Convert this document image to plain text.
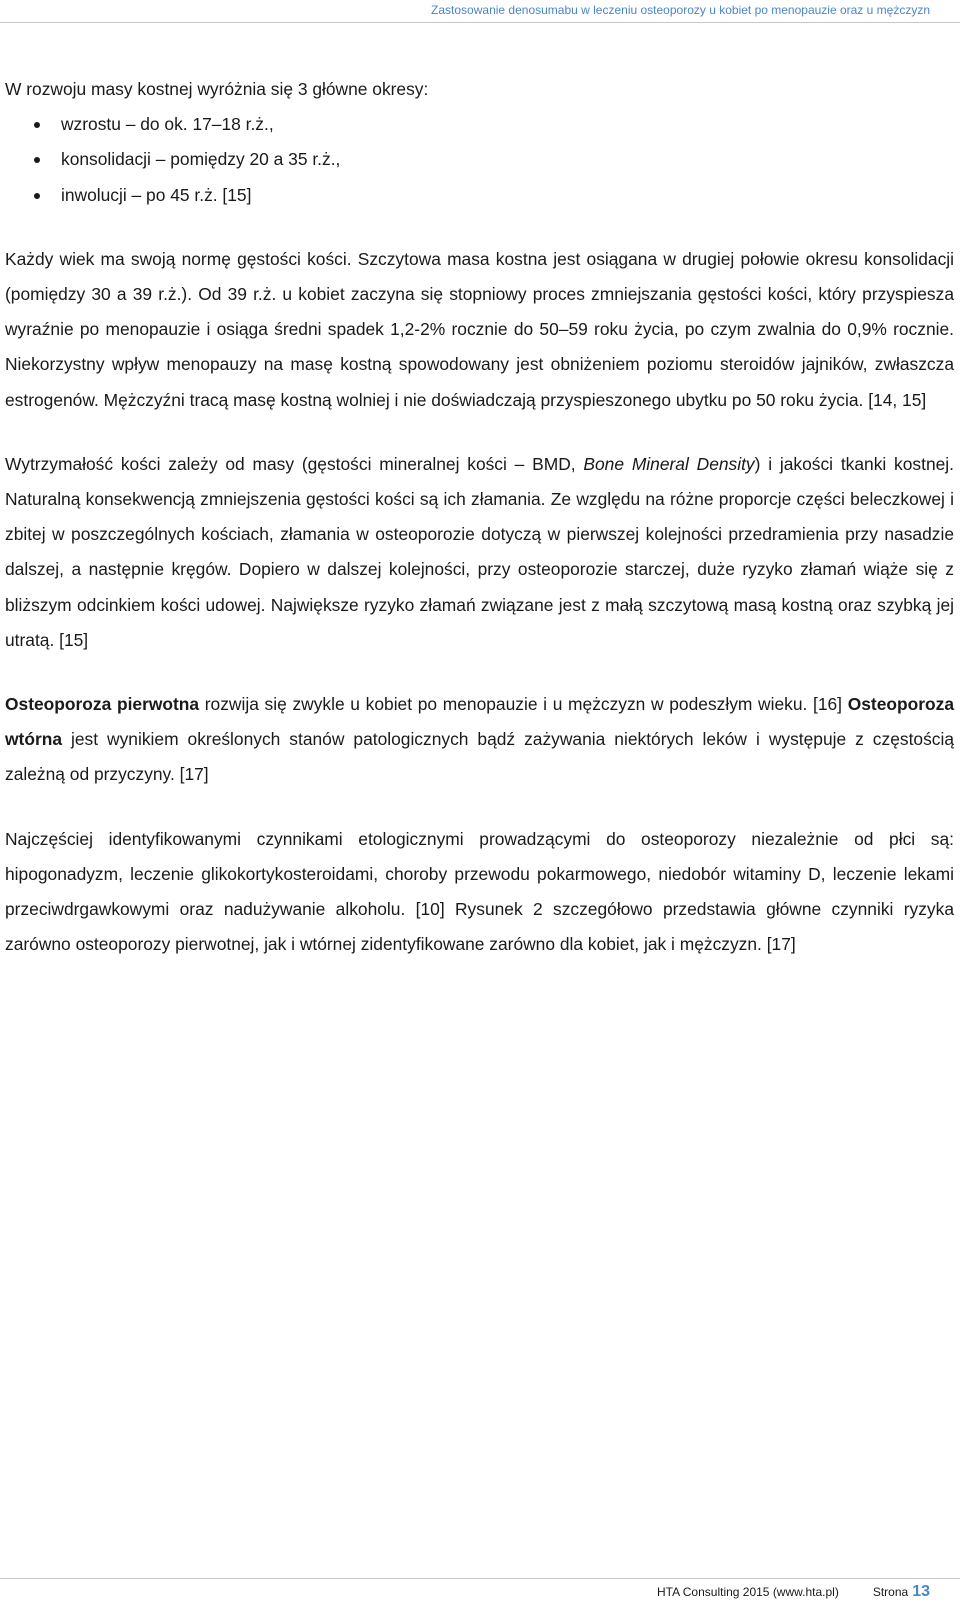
Zastosowanie denosumabu w leczeniu osteoporozy u kobiet po menopauzie oraz u mężczyzn

W rozwoju masy kostnej wyróżnia się 3 główne okresy:

wzrostu – do ok. 17–18 r.ż.,
konsolidacji – pomiędzy 20 a 35 r.ż.,
inwolucji – po 45 r.ż. [15]

Każdy wiek ma swoją normę gęstości kości. Szczytowa masa kostna jest osiągana w drugiej połowie okresu konsolidacji (pomiędzy 30 a 39 r.ż.). Od 39 r.ż. u kobiet zaczyna się stopniowy proces zmniejszania gęstości kości, który przyspiesza wyraźnie po menopauzie i osiąga średni spadek 1,2-2% rocznie do 50–59 roku życia, po czym zwalnia do 0,9% rocznie. Niekorzystny wpływ menopauzy na masę kostną spowodowany jest obniżeniem poziomu steroidów jajników, zwłaszcza estrogenów. Mężczyźni tracą masę kostną wolniej i nie doświadczają przyspieszonego ubytku po 50 roku życia. [14, 15]

Wytrzymałość kości zależy od masy (gęstości mineralnej kości – BMD, Bone Mineral Density) i jakości tkanki kostnej. Naturalną konsekwencją zmniejszenia gęstości kości są ich złamania. Ze względu na różne proporcje części beleczkowej i zbitej w poszczególnych kościach, złamania w osteoporozie dotyczą w pierwszej kolejności przedramienia przy nasadzie dalszej, a następnie kręgów. Dopiero w dalszej kolejności, przy osteoporozie starczej, duże ryzyko złamań wiąże się z bliższym odcinkiem kości udowej. Największe ryzyko złamań związane jest z małą szczytową masą kostną oraz szybką jej utratą. [15]

Osteoporoza pierwotna rozwija się zwykle u kobiet po menopauzie i u mężczyzn w podeszłym wieku. [16] Osteoporoza wtórna jest wynikiem określonych stanów patologicznych bądź zażywania niektórych leków i występuje z częstością zależną od przyczyny. [17]

Najczęściej identyfikowanymi czynnikami etologicznymi prowadzącymi do osteoporozy niezależnie od płci są: hipogonadyzm, leczenie glikokortykosteroidami, choroby przewodu pokarmowego, niedobór witaminy D, leczenie lekami przeciwdrgawkowymi oraz nadużywanie alkoholu. [10] Rysunek 2 szczegółowo przedstawia główne czynniki ryzyka zarówno osteoporozy pierwotnej, jak i wtórnej zidentyfikowane zarówno dla kobiet, jak i mężczyzn. [17]

HTA Consulting 2015 (www.hta.pl)	Strona 13
